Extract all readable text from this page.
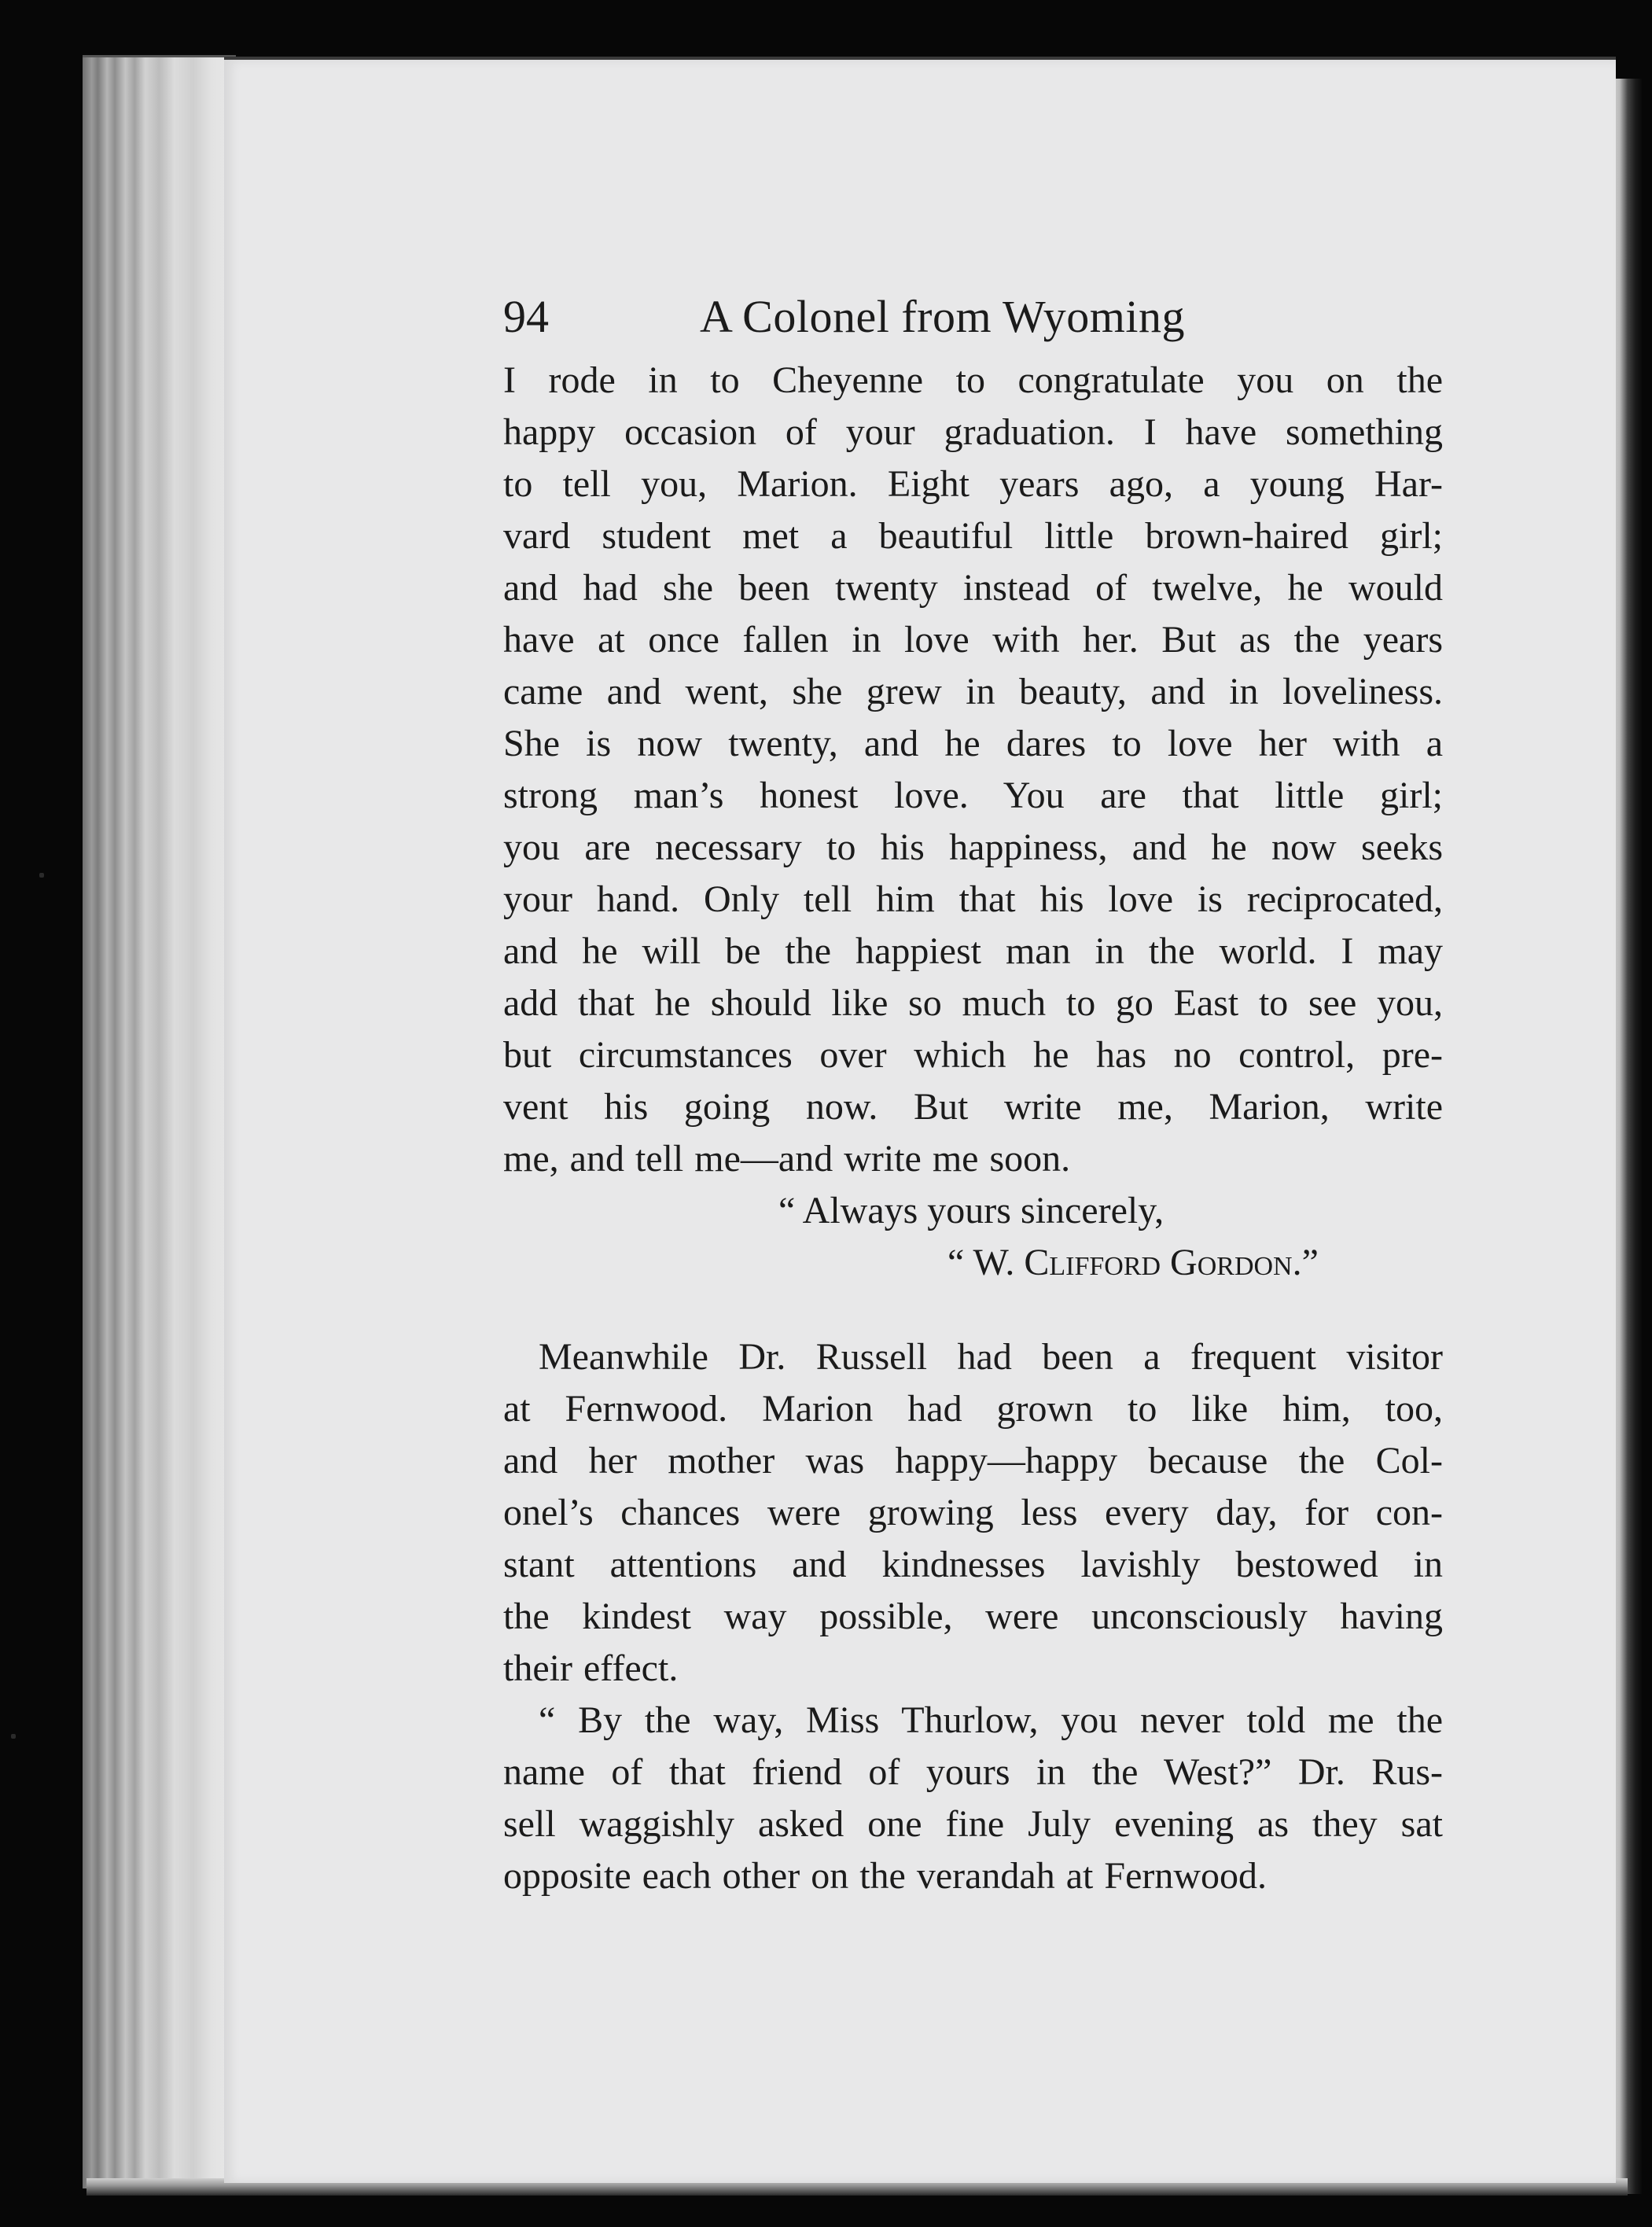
94	A Colonel from Wyoming
I rode in to Cheyenne to congratulate you on the
happy occasion of your graduation. I have something
to tell you, Marion. Eight years ago, a young Har-
vard student met a beautiful little brown-haired girl;
and had she been twenty instead of twelve, he would
have at once fallen in love with her. But as the years
came and went, she grew in beauty, and in loveliness.
She is now twenty, and he dares to love her with a
strong man’s honest love. You are that little girl;
you are necessary to his happiness, and he now seeks
your hand. Only tell him that his love is reciprocated,
and he will be the happiest man in the world. I may
add that he should like so much to go East to see you,
but circumstances over which he has no control, pre-
vent his going now. But write me, Marion, write
me, and tell me—and write me soon.
“ Always yours sincerely,
“ W. Clifford Gordon.”
Meanwhile Dr. Russell had been a frequent visitor
at Fernwood. Marion had grown to like him, too,
and her mother was happy—happy because the Col-
onel’s chances were growing less every day, for con-
stant attentions and kindnesses lavishly bestowed in
the kindest way possible, were unconsciously having
their effect.
“ By the way, Miss Thurlow, you never told me the
name of that friend of yours in the West?” Dr. Rus-
sell waggishly asked one fine July evening as they sat
opposite each other on the verandah at Fernwood.
